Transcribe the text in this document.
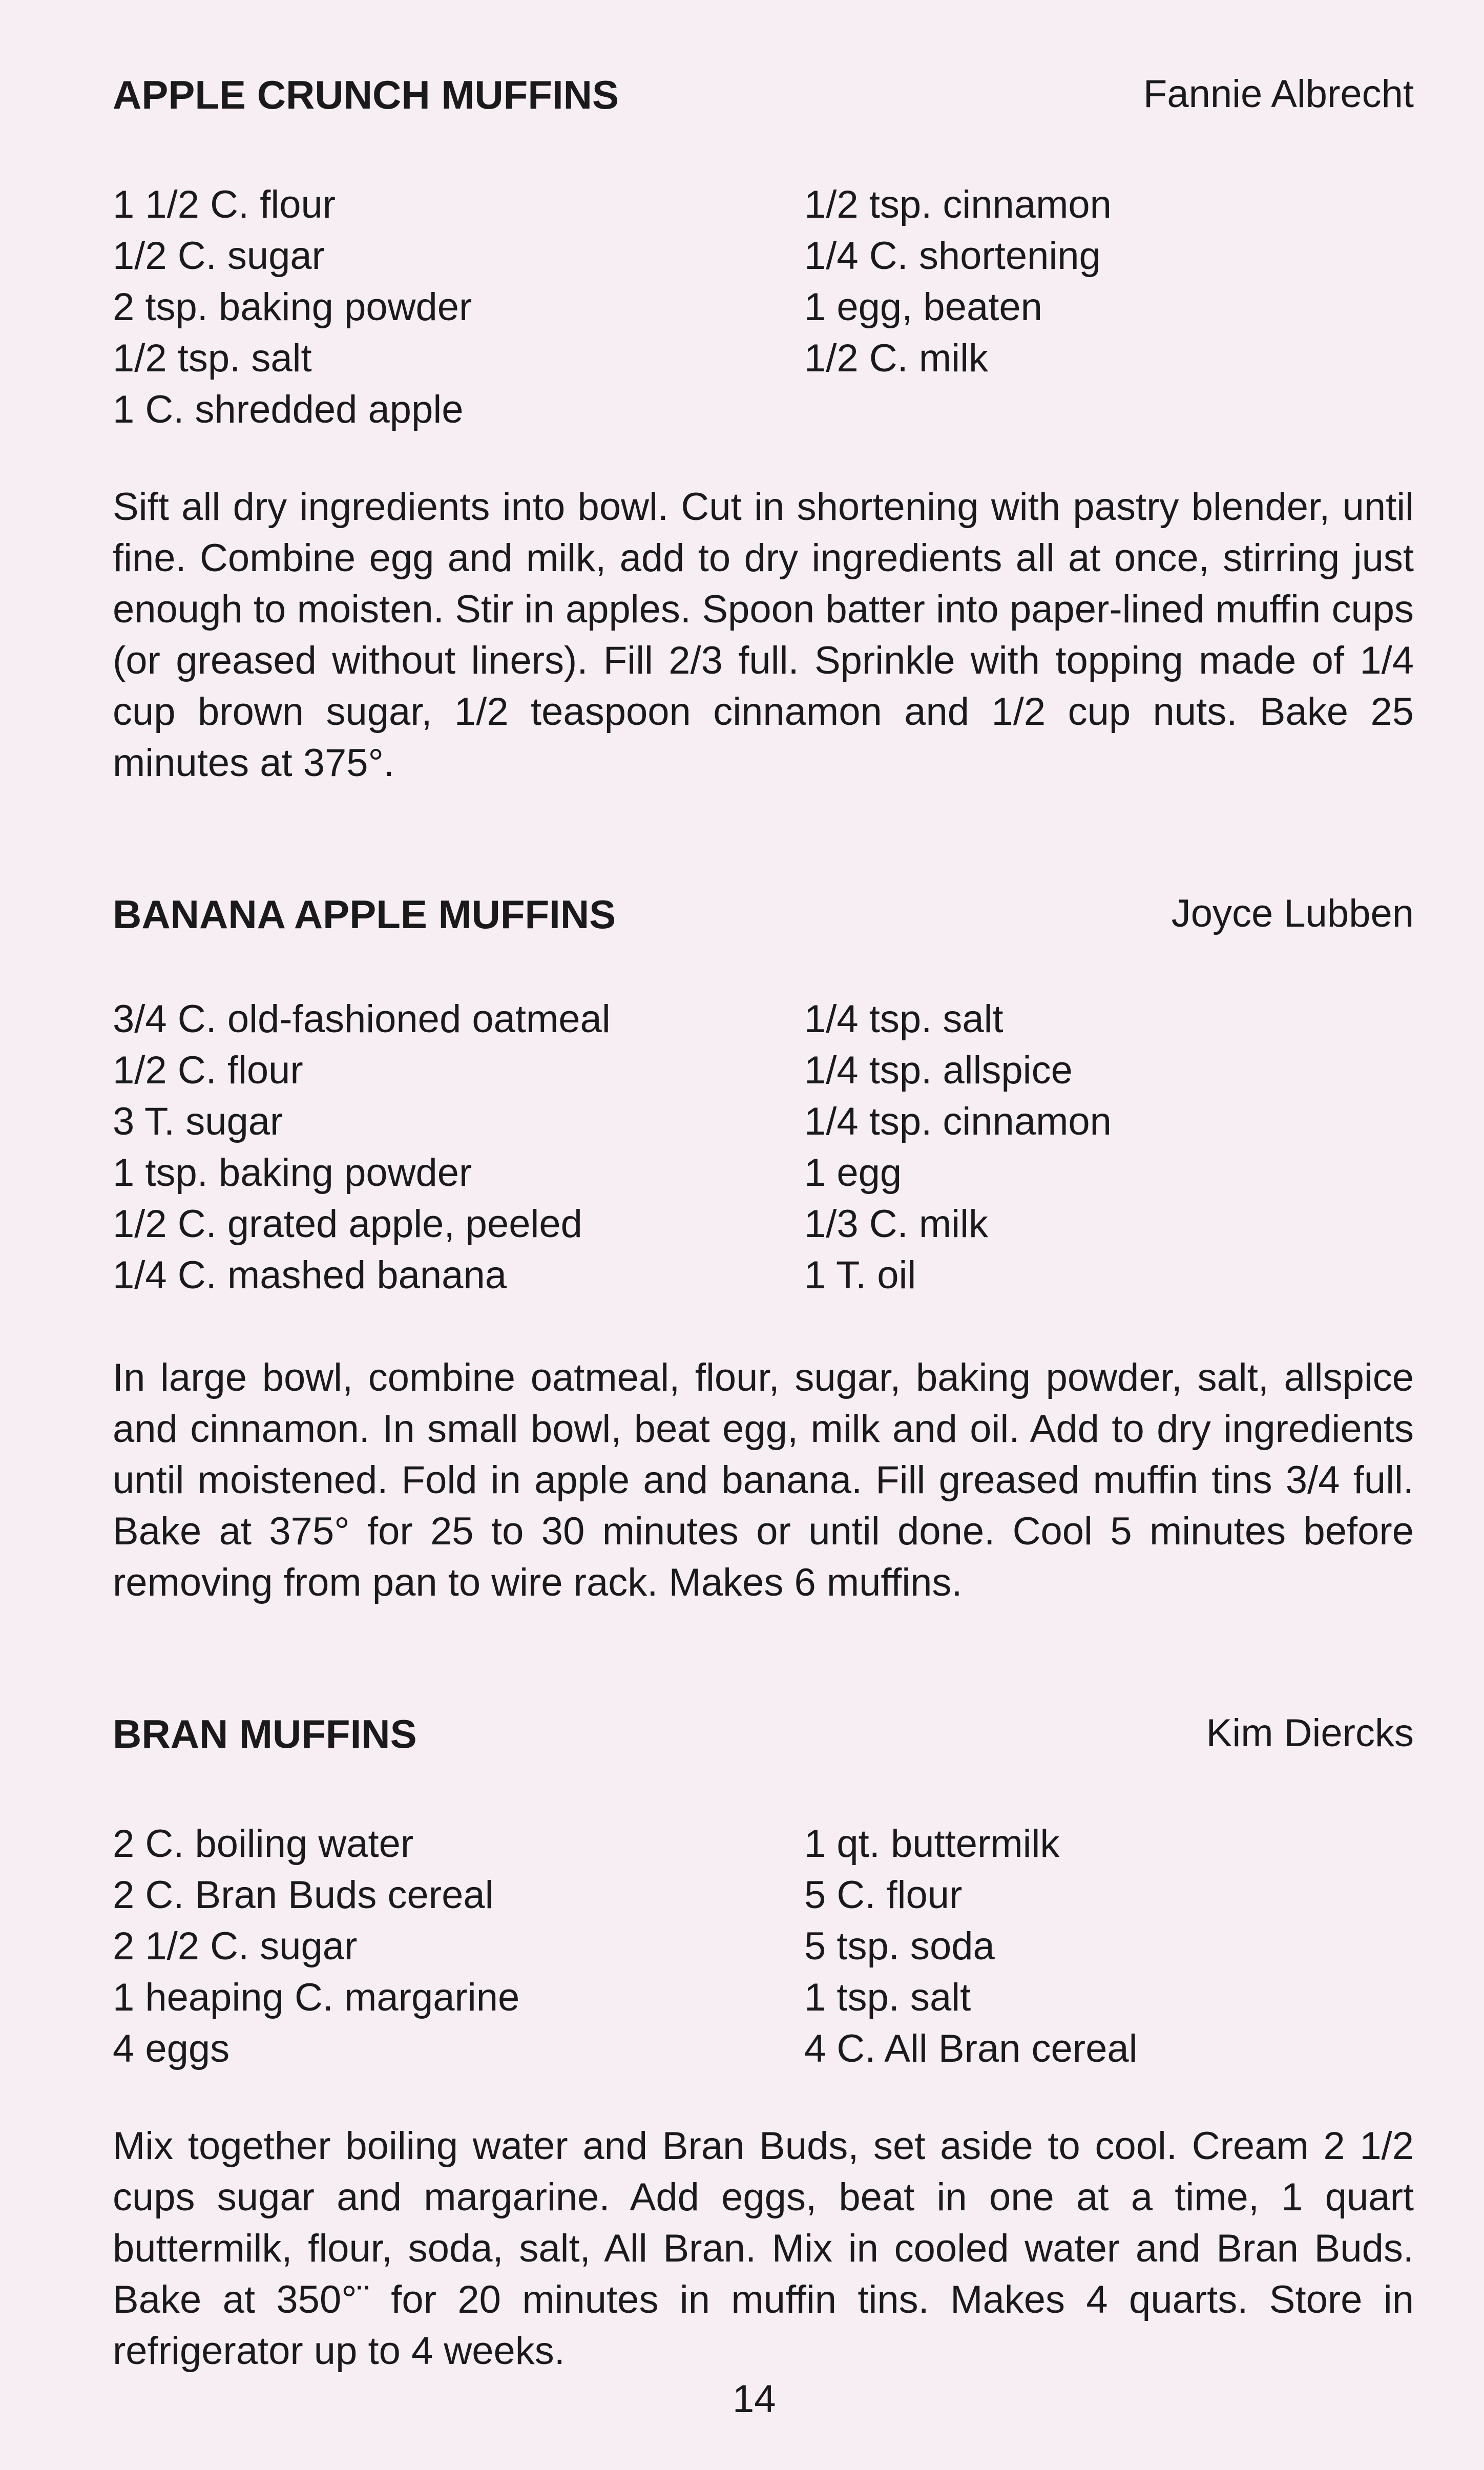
APPLE CRUNCH MUFFINS	Fannie Albrecht
1 1/2 C. flour
1/2 C. sugar
2 tsp. baking powder
1/2 tsp. salt
1 C. shredded apple
1/2 tsp. cinnamon
1/4 C. shortening
1 egg, beaten
1/2 C. milk
Sift all dry ingredients into bowl. Cut in shortening with pastry blender, until fine. Combine egg and milk, add to dry ingredients all at once, stirring just enough to moisten. Stir in apples. Spoon batter into paper-lined muffin cups (or greased without liners). Fill 2/3 full. Sprinkle with topping made of 1/4 cup brown sugar, 1/2 teaspoon cinnamon and 1/2 cup nuts. Bake 25 minutes at 375°.
BANANA APPLE MUFFINS	Joyce Lubben
3/4 C. old-fashioned oatmeal
1/2 C. flour
3 T. sugar
1 tsp. baking powder
1/2 C. grated apple, peeled
1/4 C. mashed banana
1/4 tsp. salt
1/4 tsp. allspice
1/4 tsp. cinnamon
1 egg
1/3 C. milk
1 T. oil
In large bowl, combine oatmeal, flour, sugar, baking powder, salt, allspice and cinnamon. In small bowl, beat egg, milk and oil. Add to dry ingredients until moistened. Fold in apple and banana. Fill greased muffin tins 3/4 full. Bake at 375° for 25 to 30 minutes or until done. Cool 5 minutes before removing from pan to wire rack. Makes 6 muffins.
BRAN MUFFINS	Kim Diercks
2 C. boiling water
2 C. Bran Buds cereal
2 1/2 C. sugar
1 heaping C. margarine
4 eggs
1 qt. buttermilk
5 C. flour
5 tsp. soda
1 tsp. salt
4 C. All Bran cereal
Mix together boiling water and Bran Buds, set aside to cool. Cream 2 1/2 cups sugar and margarine. Add eggs, beat in one at a time, 1 quart buttermilk, flour, soda, salt, All Bran. Mix in cooled water and Bran Buds. Bake at 350°¨ for 20 minutes in muffin tins. Makes 4 quarts. Store in refrigerator up to 4 weeks.
14
